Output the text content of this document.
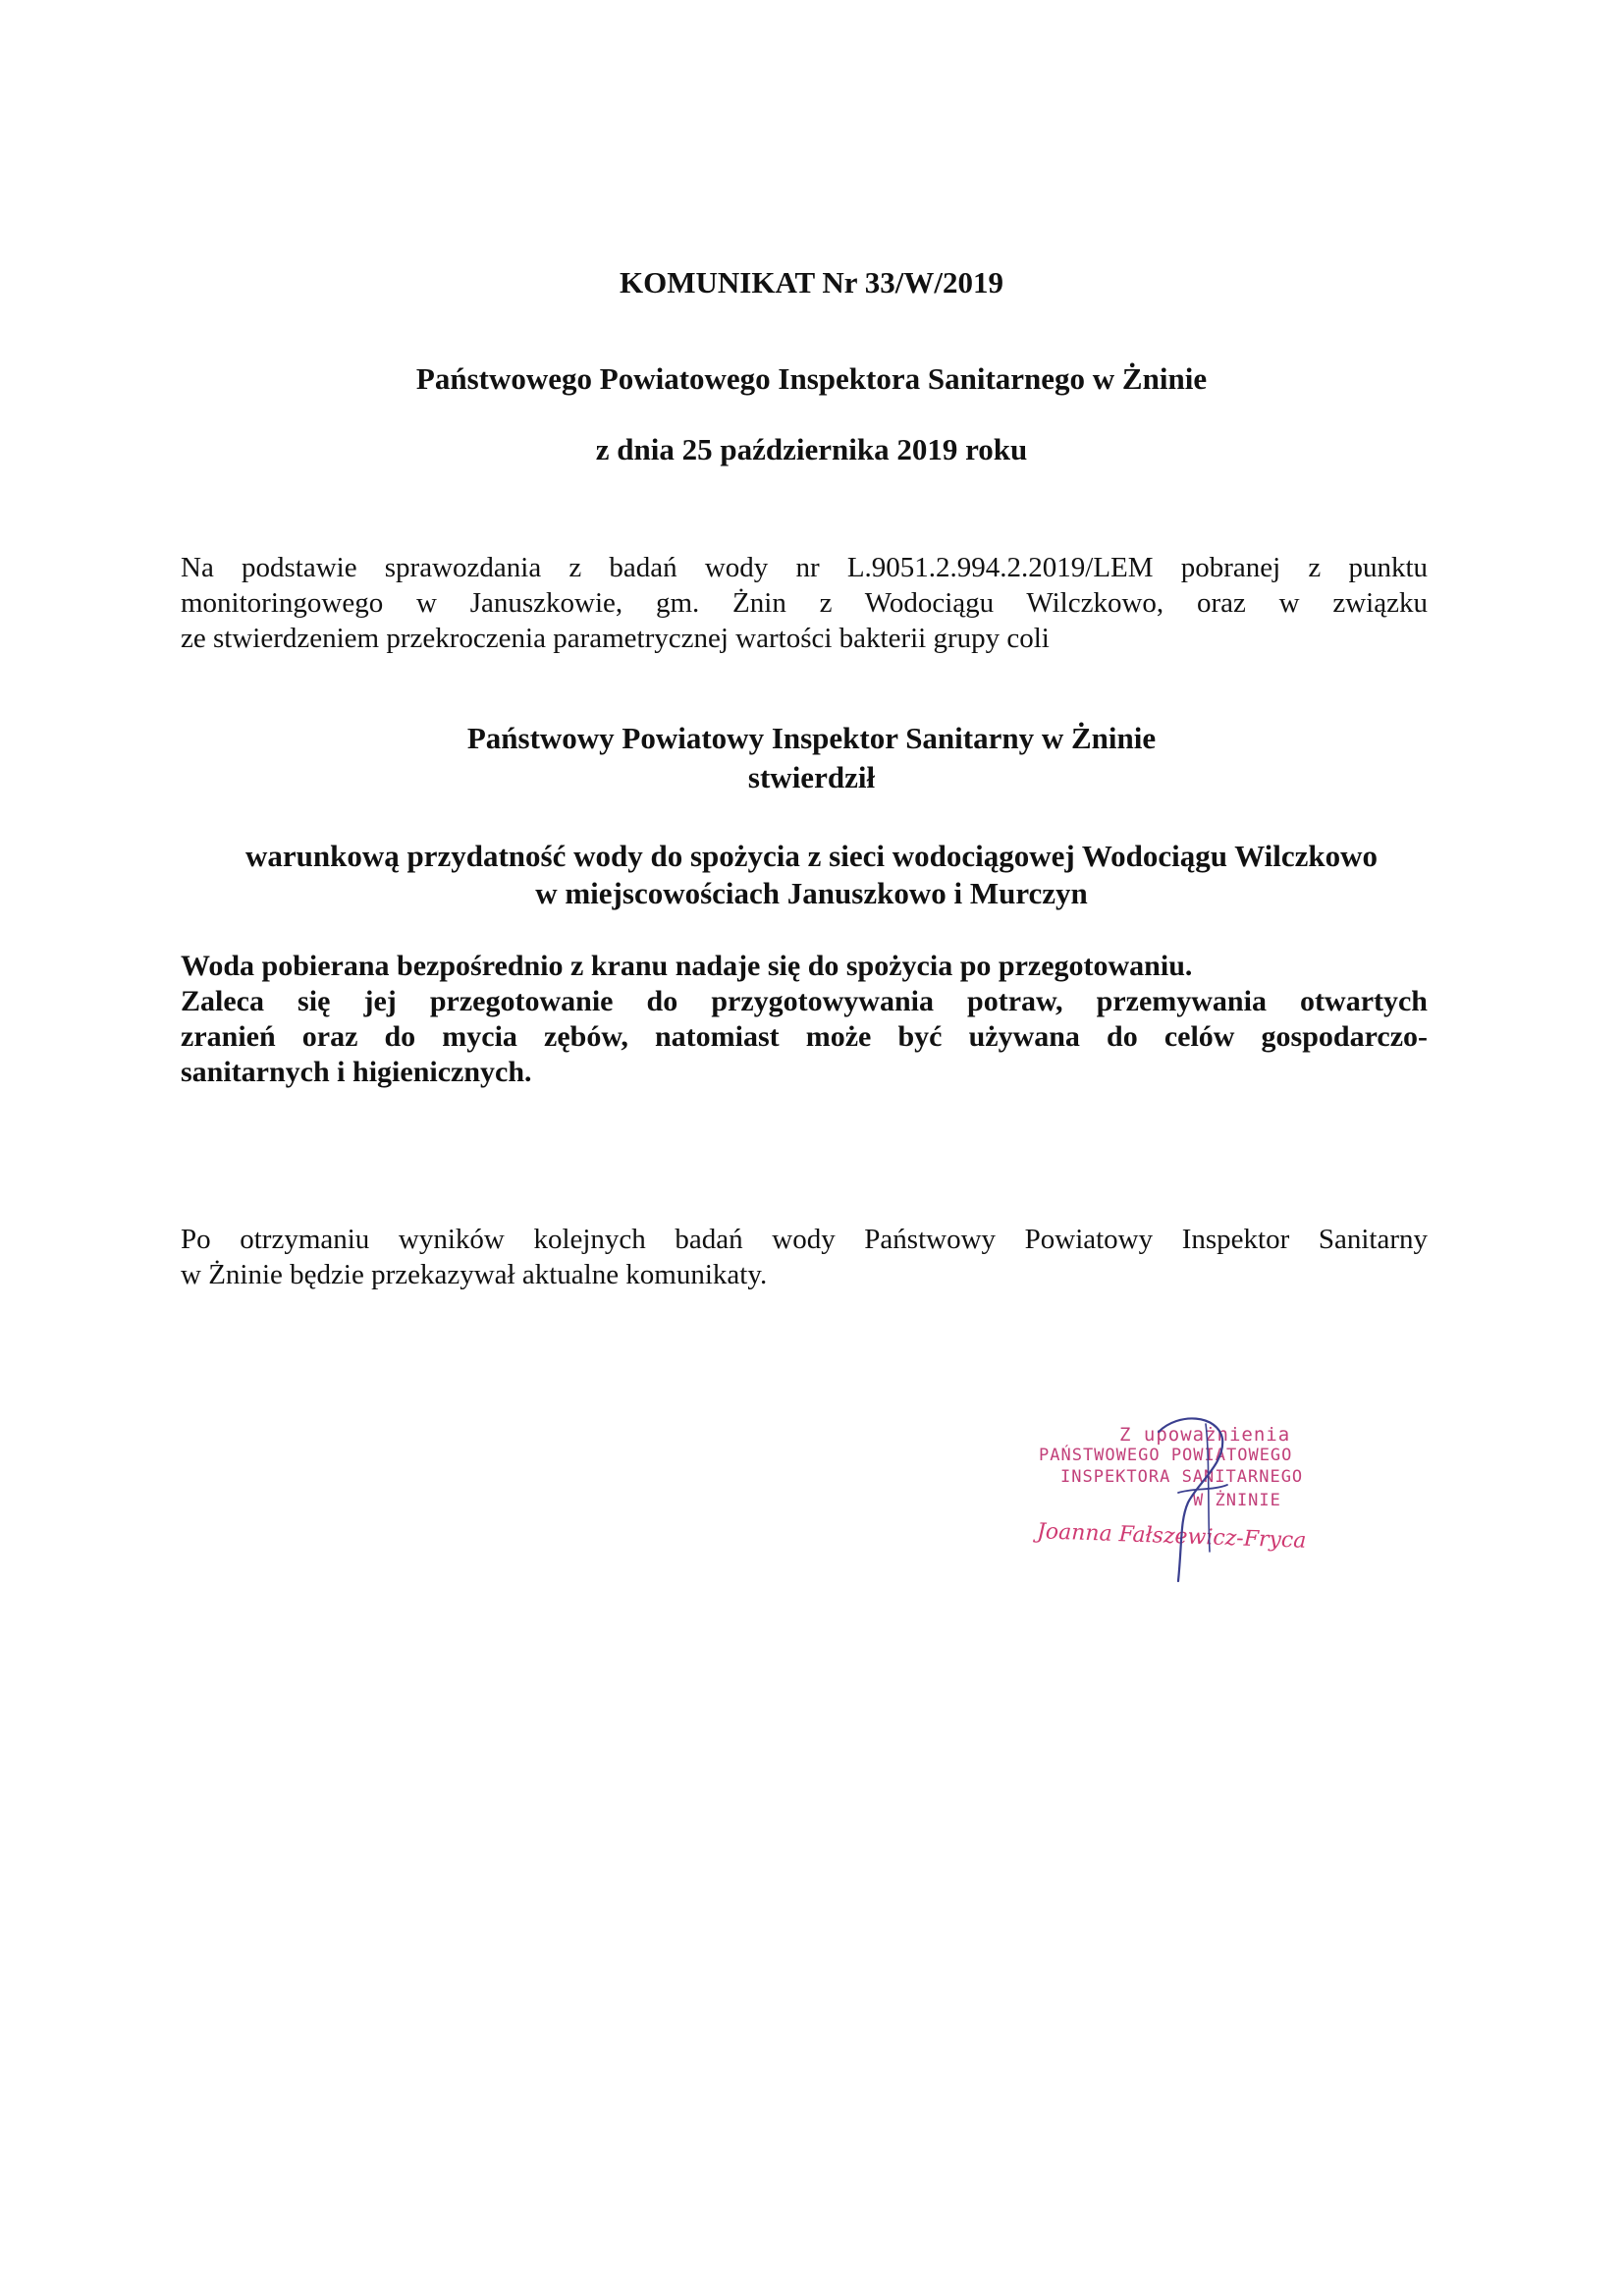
KOMUNIKAT Nr 33/W/2019
Państwowego Powiatowego Inspektora Sanitarnego w Żninie
z dnia 25 października 2019 roku
Na podstawie sprawozdania z badań wody nr L.9051.2.994.2.2019/LEM pobranej z punktu
monitoringowego w Januszkowie, gm. Żnin z Wodociągu Wilczkowo, oraz w związku
ze stwierdzeniem przekroczenia parametrycznej wartości bakterii grupy coli
Państwowy Powiatowy Inspektor Sanitarny w Żninie
stwierdził
warunkową przydatność wody do spożycia z sieci wodociągowej Wodociągu Wilczkowo
w miejscowościach Januszkowo i Murczyn
Woda pobierana bezpośrednio z kranu nadaje się do spożycia po przegotowaniu.
Zaleca się jej przegotowanie do przygotowywania potraw, przemywania otwartych
zranień oraz do mycia zębów, natomiast może być używana do celów gospodarczo-
sanitarnych i higienicznych.
Po otrzymaniu wyników kolejnych badań wody Państwowy Powiatowy Inspektor Sanitarny
w Żninie będzie przekazywał aktualne komunikaty.
Z upoważnienia
PAŃSTWOWEGO POWIATOWEGO
INSPEKTORA SANITARNEGO
W ŻNINIE
Joanna Fałszewicz-Fryca
